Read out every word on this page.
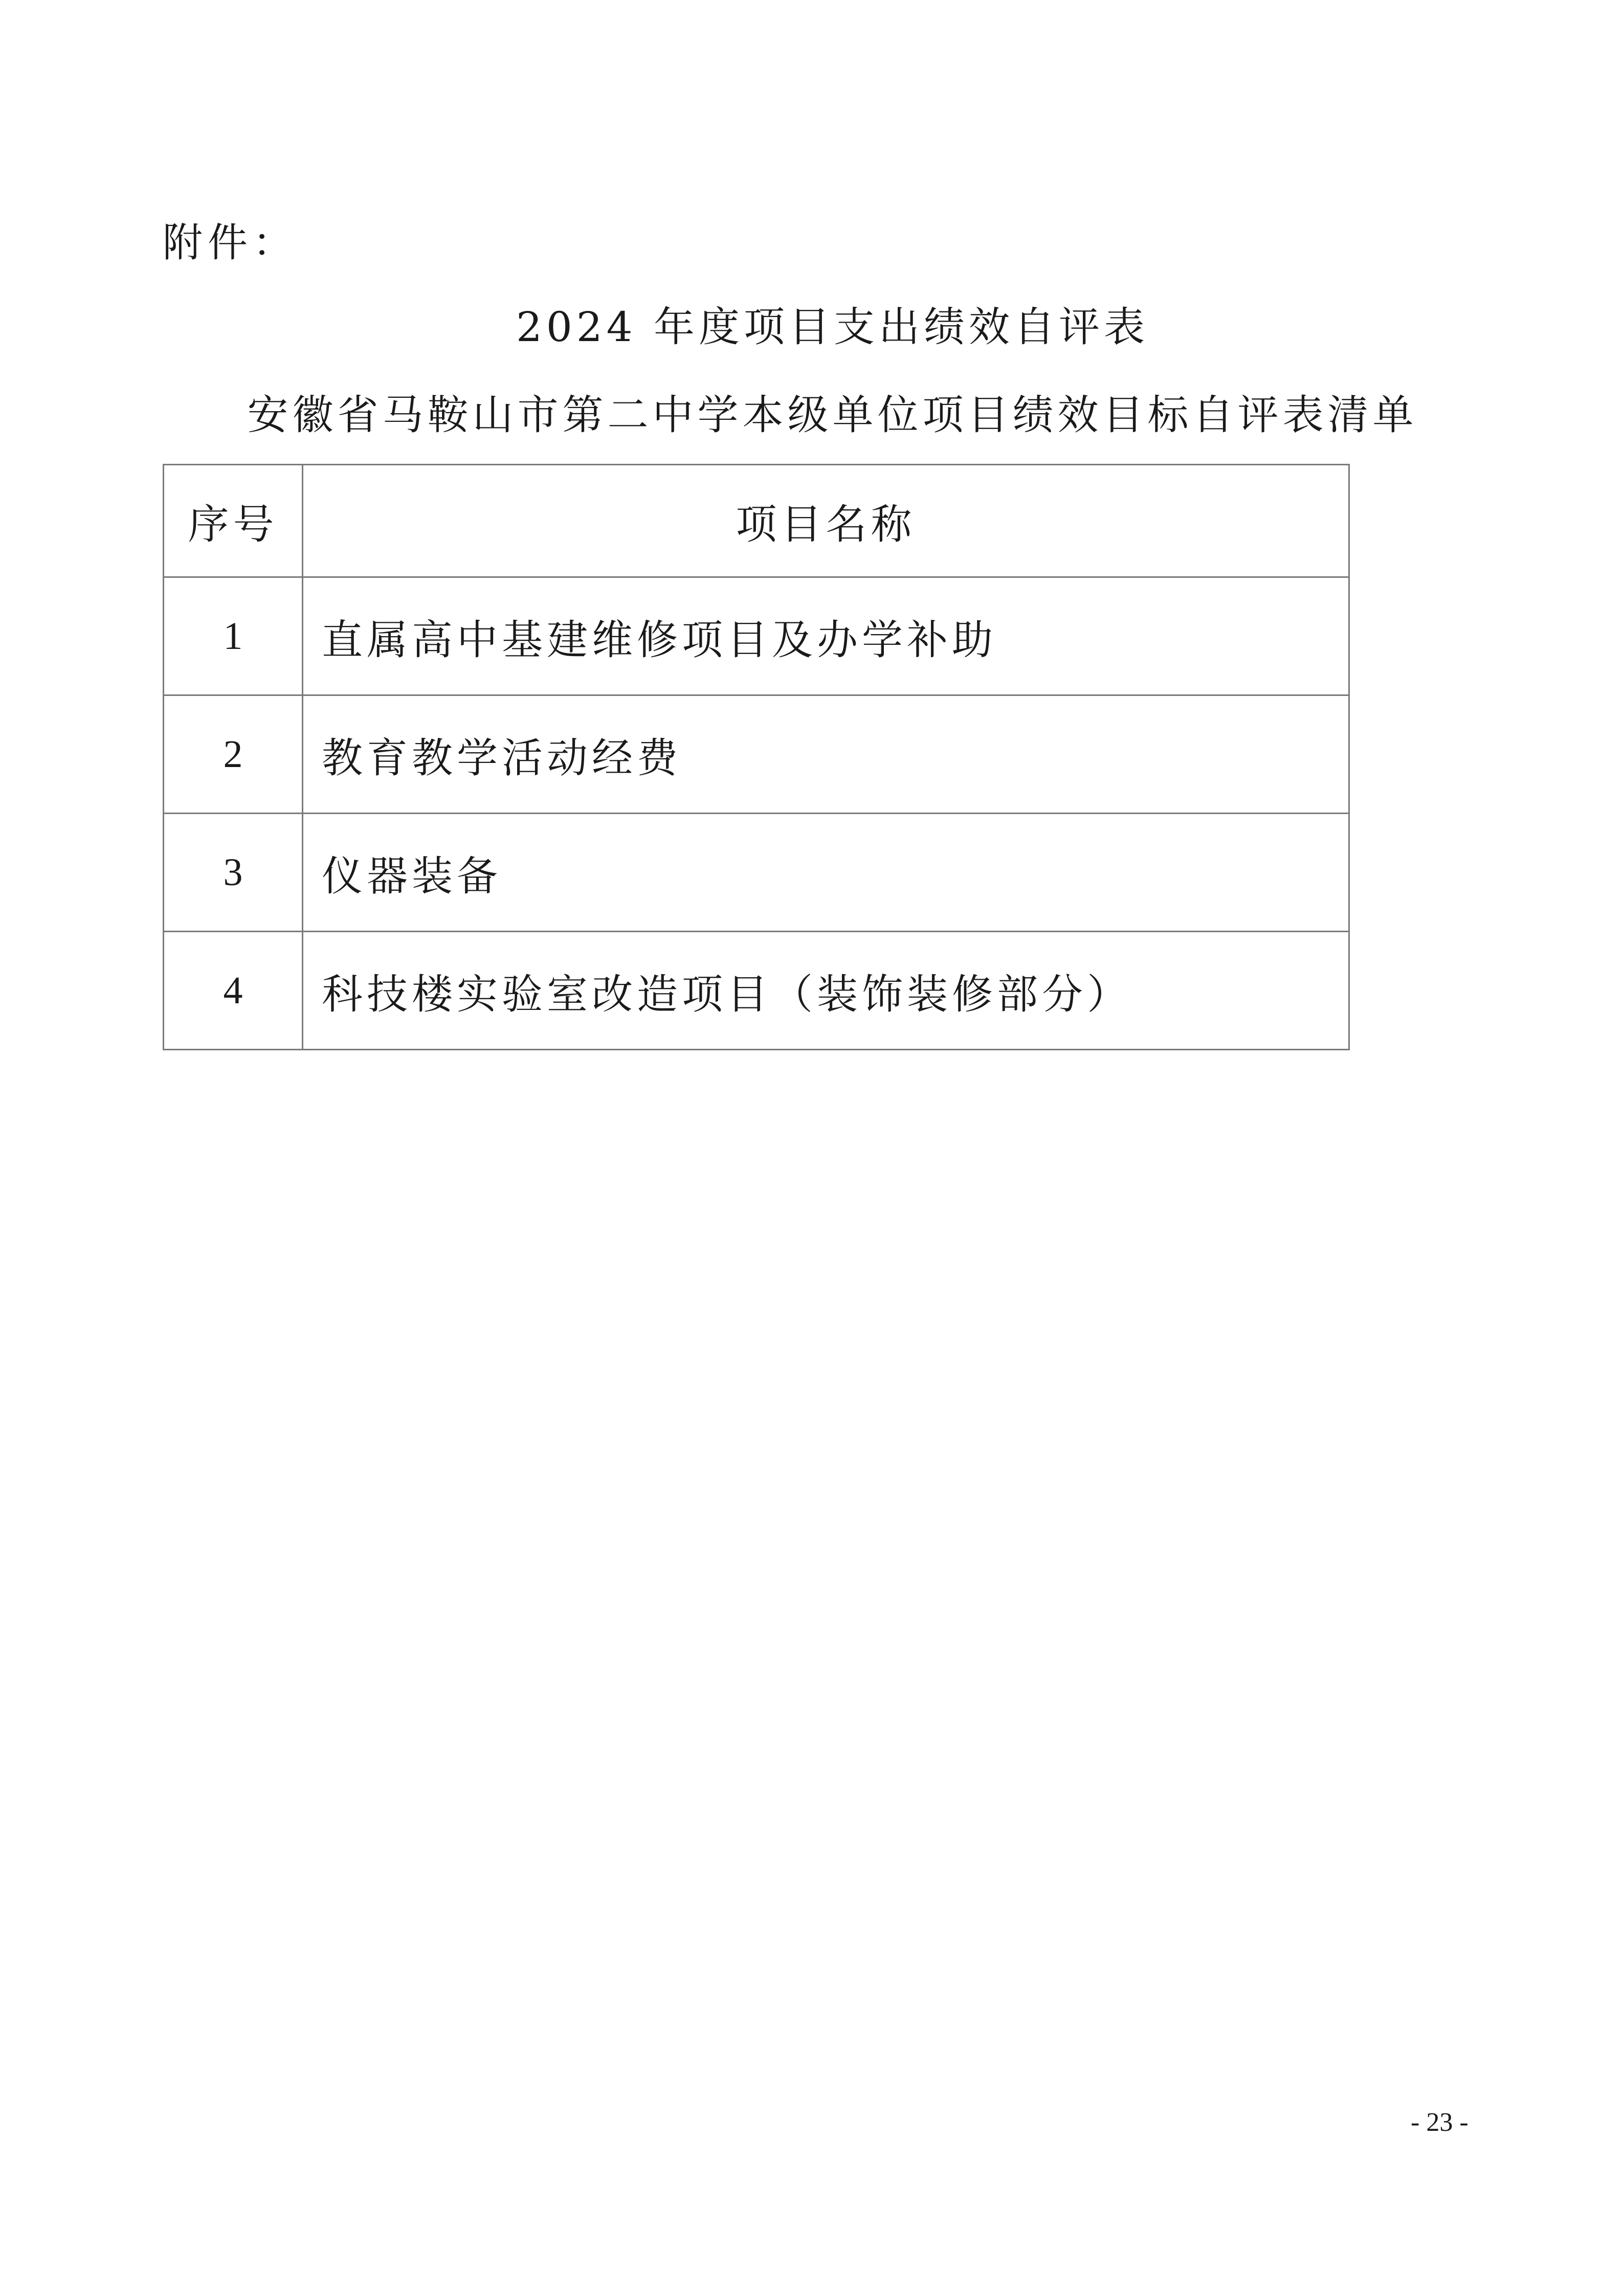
附件：
2024 年度项目支出绩效自评表
安徽省马鞍山市第二中学本级单位项目绩效目标自评表清单
序号	项目名称
1	直属高中基建维修项目及办学补助
2	教育教学活动经费
3	仪器装备
4	科技楼实验室改造项目（装饰装修部分）
- 23 -
